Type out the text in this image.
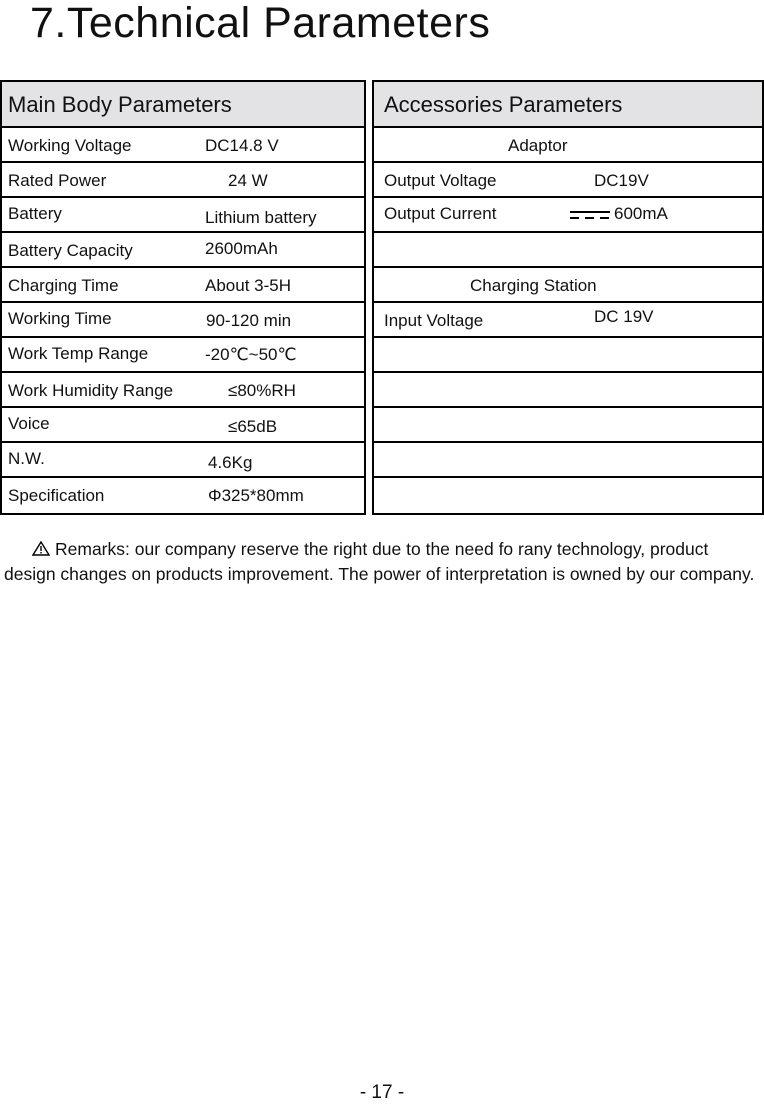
7.Technical Parameters
Main Body Parameters
Working Voltage	DC14.8 V
Rated Power	24 W
Battery	Lithium battery
Battery Capacity	2600mAh
Charging Time	About 3-5H
Working Time	90-120 min
Work Temp Range	-20℃~50℃
Work Humidity Range	≤80%RH
Voice	≤65dB
N.W.	4.6Kg
Specification	Φ325*80mm
Accessories Parameters
Adaptor
Output Voltage	DC19V
Output Current	600mA
Charging Station
Input Voltage	DC 19V

Remarks: our company reserve the right due to the need fo rany technology, product design changes on products improvement. The power of interpretation is owned by our company.

- 17 -
